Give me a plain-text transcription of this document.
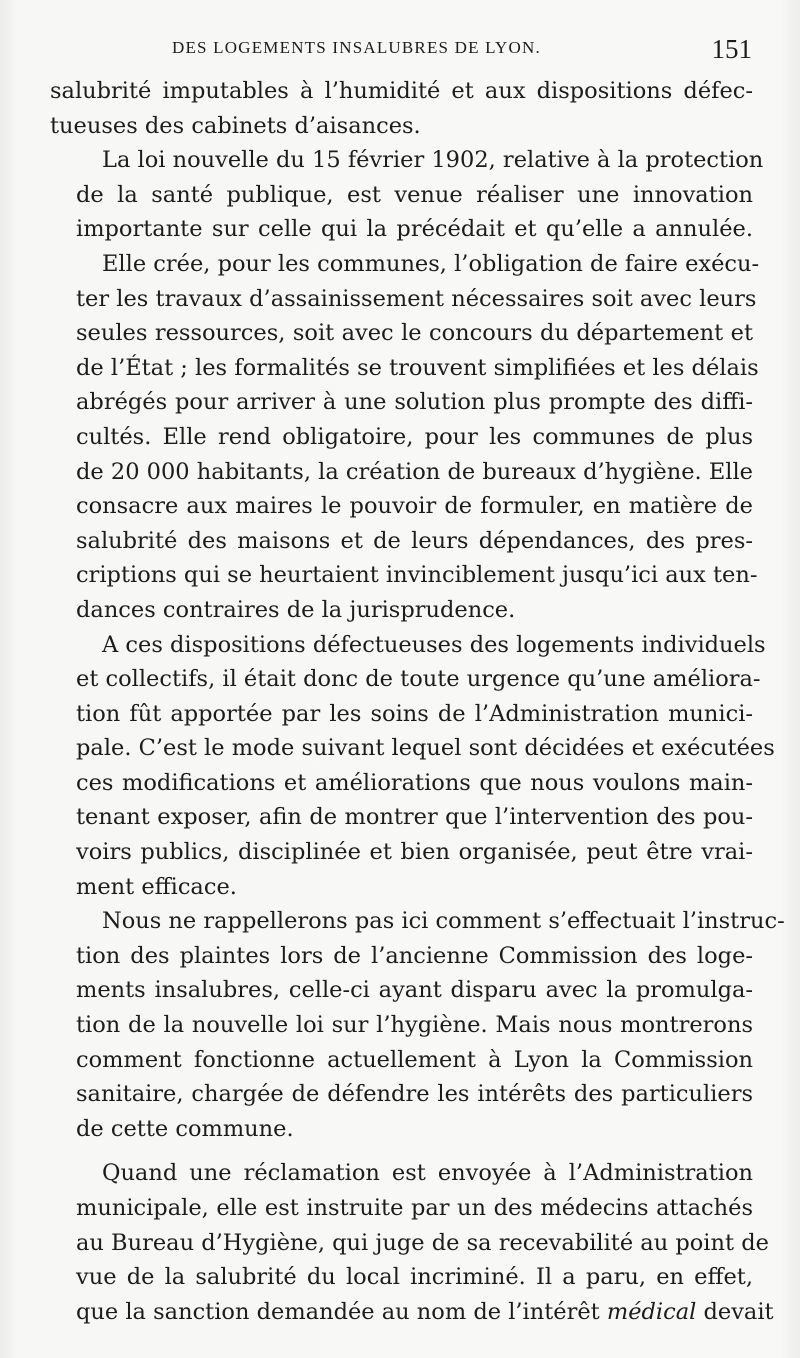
DES LOGEMENTS INSALUBRES DE LYON.	151

salubrité imputables à l’humidité et aux dispositions défec-
tueuses des cabinets d’aisances.

La loi nouvelle du 15 février 1902, relative à la protection
de la santé publique, est venue réaliser une innovation
importante sur celle qui la précédait et qu’elle a annulée.

Elle crée, pour les communes, l’obligation de faire exécu-
ter les travaux d’assainissement nécessaires soit avec leurs
seules ressources, soit avec le concours du département et
de l’État ; les formalités se trouvent simplifiées et les délais
abrégés pour arriver à une solution plus prompte des diffi-
cultés. Elle rend obligatoire, pour les communes de plus
de 20 000 habitants, la création de bureaux d’hygiène. Elle
consacre aux maires le pouvoir de formuler, en matière de
salubrité des maisons et de leurs dépendances, des pres-
criptions qui se heurtaient invinciblement jusqu’ici aux ten-
dances contraires de la jurisprudence.

A ces dispositions défectueuses des logements individuels
et collectifs, il était donc de toute urgence qu’une améliora-
tion fût apportée par les soins de l’Administration munici-
pale. C’est le mode suivant lequel sont décidées et exécutées
ces modifications et améliorations que nous voulons main-
tenant exposer, afin de montrer que l’intervention des pou-
voirs publics, disciplinée et bien organisée, peut être vrai-
ment efficace.

Nous ne rappellerons pas ici comment s’effectuait l’instruc-
tion des plaintes lors de l’ancienne Commission des loge-
ments insalubres, celle-ci ayant disparu avec la promulga-
tion de la nouvelle loi sur l’hygiène. Mais nous montrerons
comment fonctionne actuellement à Lyon la Commission
sanitaire, chargée de défendre les intérêts des particuliers
de cette commune.

Quand une réclamation est envoyée à l’Administration
municipale, elle est instruite par un des médecins attachés
au Bureau d’Hygiène, qui juge de sa recevabilité au point de
vue de la salubrité du local incriminé. Il a paru, en effet,
que la sanction demandée au nom de l’intérêt médical devait
